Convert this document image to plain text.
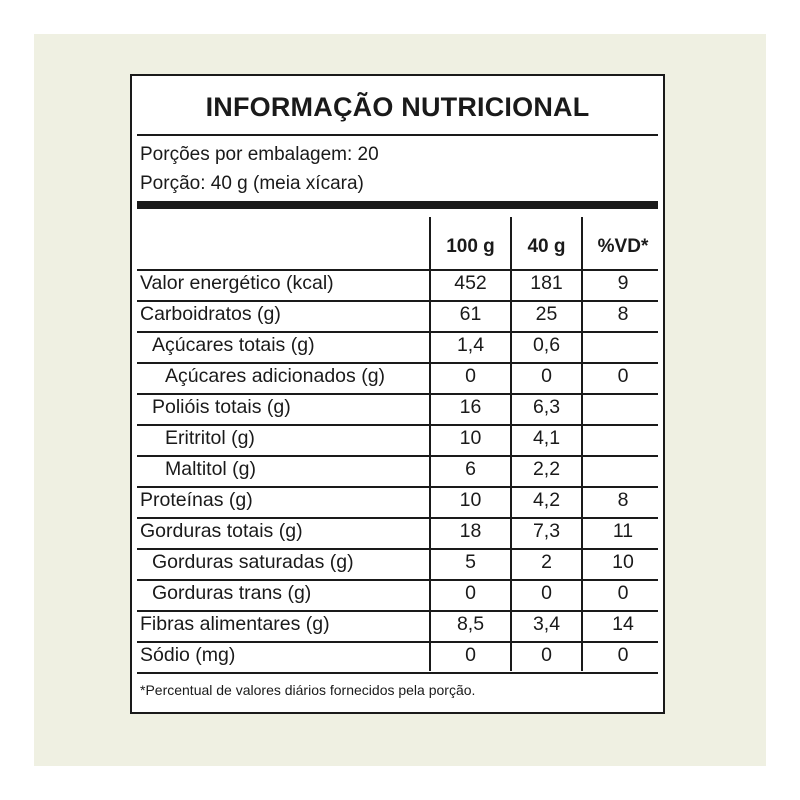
INFORMAÇÃO NUTRICIONAL
Porções por embalagem: 20
Porção: 40 g (meia xícara)
100 g	40 g	%VD*
Valor energético (kcal)	452	181	9
Carboidratos (g)	61	25	8
Açúcares totais (g)	1,4	0,6
Açúcares adicionados (g)	0	0	0
Polióis totais (g)	16	6,3
Eritritol (g)	10	4,1
Maltitol (g)	6	2,2
Proteínas (g)	10	4,2	8
Gorduras totais (g)	18	7,3	11
Gorduras saturadas (g)	5	2	10
Gorduras trans (g)	0	0	0
Fibras alimentares (g)	8,5	3,4	14
Sódio (mg)	0	0	0
*Percentual de valores diários fornecidos pela porção.
